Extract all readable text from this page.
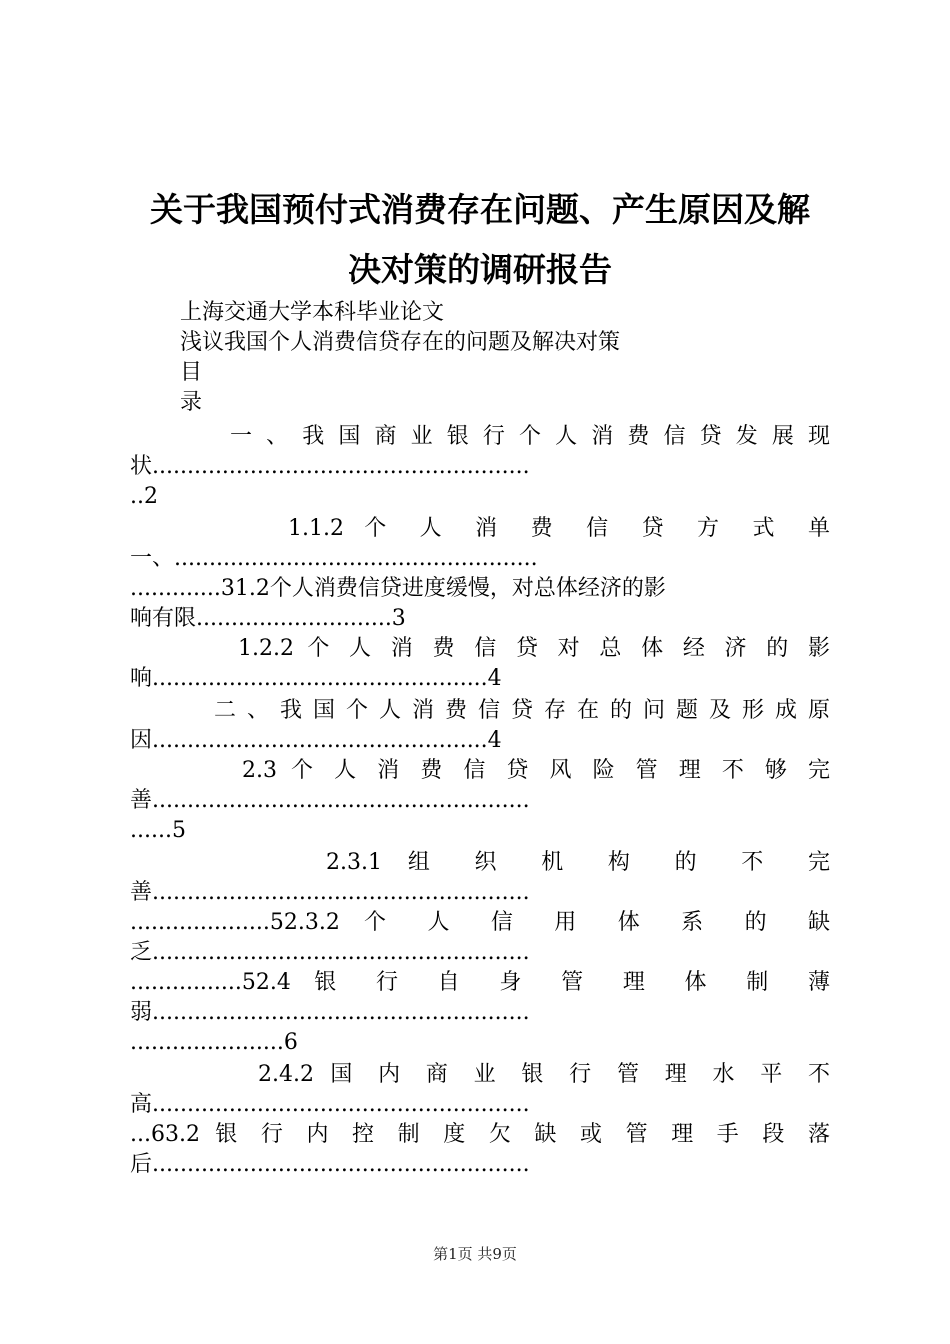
关于我国预付式消费存在问题、产生原因及解
决对策的调研报告
上海交通大学本科毕业论文
浅议我国个人消费信贷存在的问题及解决对策
目
录
一 、 我 国 商 业 银 行 个 人 消 费 信 贷 发 展 现
状......................................................
..2
1.1.2 个 人 消 费 信 贷 方 式 单
一、....................................................
.............31.2个人消费信贷进度缓慢，对总体经济的影
响有限............................3
1.2.2 个 人 消 费 信 贷 对 总 体 经 济 的 影
响................................................4
二 、 我 国 个 人 消 费 信 贷 存 在 的 问 题 及 形 成 原
因................................................4
2.3 个 人 消 费 信 贷 风 险 管 理 不 够 完
善......................................................
......5
2.3.1 组 织 机 构 的 不 完
善......................................................
....................52.3.2 个 人 信 用 体 系 的 缺
乏......................................................
................52.4 银 行 自 身 管 理 体 制 薄
弱......................................................
......................6
2.4.2 国 内 商 业 银 行 管 理 水 平 不
高......................................................
...63.2 银 行 内 控 制 度 欠 缺 或 管 理 手 段 落
后......................................................
第1页 共9页
